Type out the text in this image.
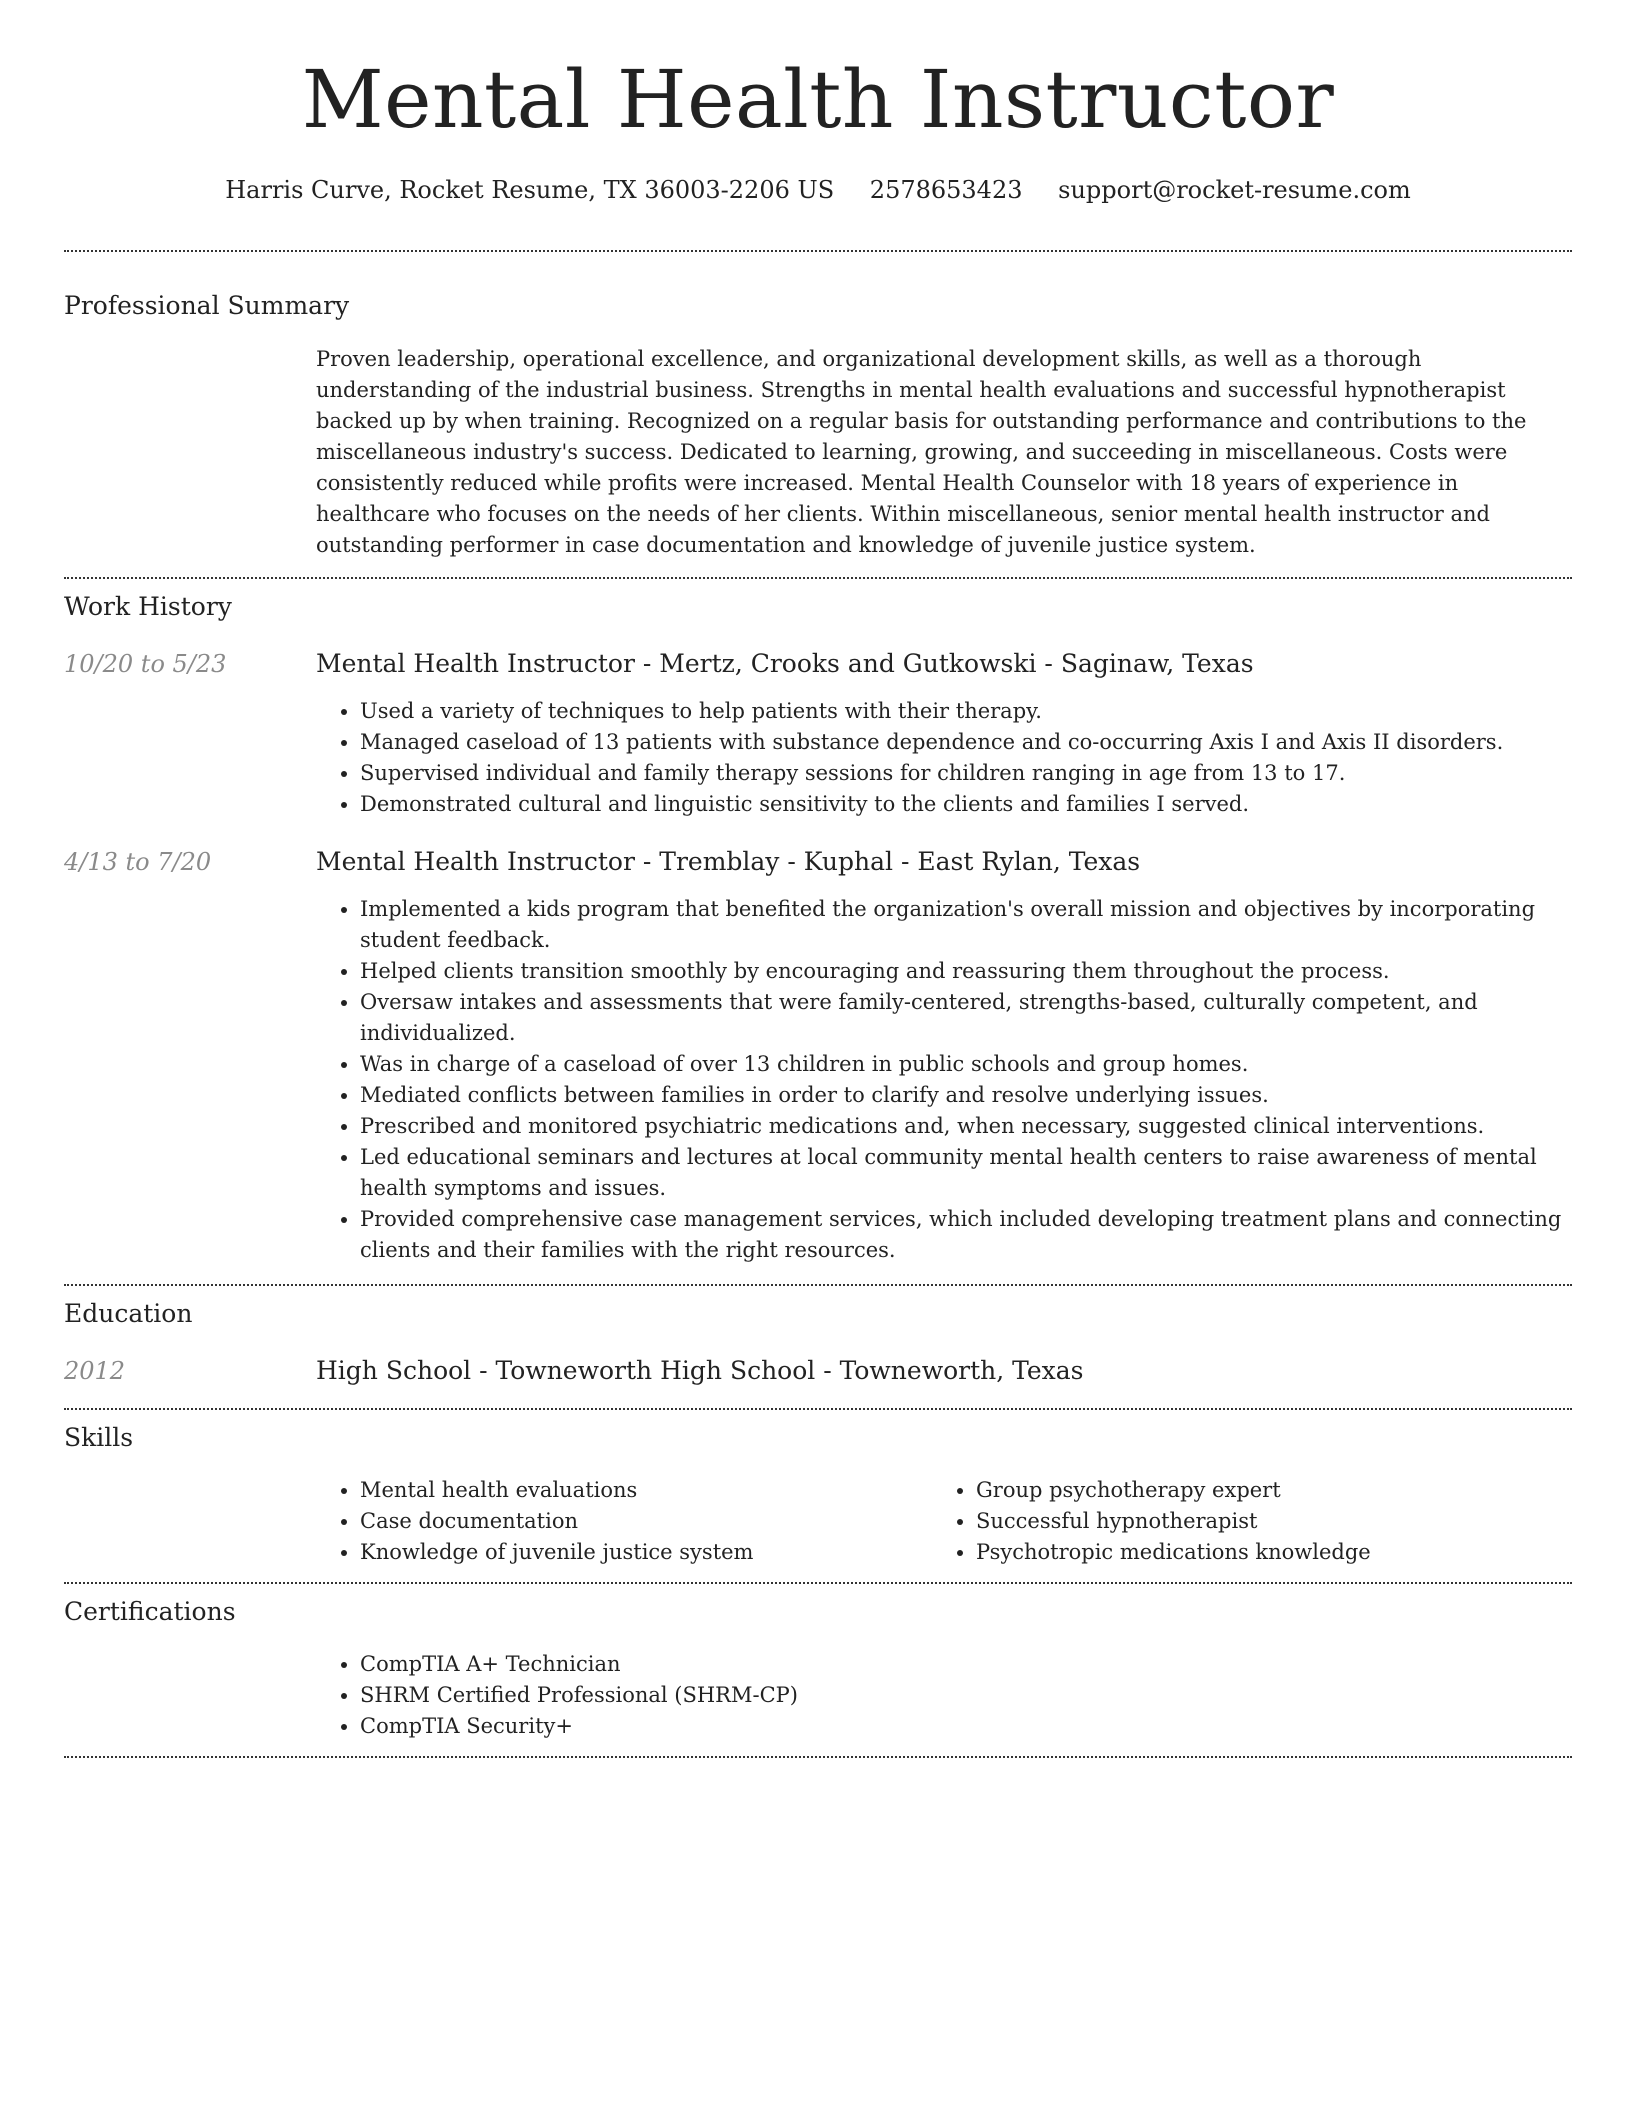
Mental Health Instructor
Harris Curve, Rocket Resume, TX 36003-2206 US 2578653423 support@rocket-resume.com
Professional Summary

Proven leadership, operational excellence, and organizational development skills, as well as a thorough understanding of the industrial business. Strengths in mental health evaluations and successful hypnotherapist backed up by when training. Recognized on a regular basis for outstanding performance and contributions to the miscellaneous industry's success. Dedicated to learning, growing, and succeeding in miscellaneous. Costs were consistently reduced while profits were increased. Mental Health Counselor with 18 years of experience in healthcare who focuses on the needs of her clients. Within miscellaneous, senior mental health instructor and outstanding performer in case documentation and knowledge of juvenile justice system.

Work History
10/20 to 5/23	Mental Health Instructor - Mertz, Crooks and Gutkowski - Saginaw, Texas
• Used a variety of techniques to help patients with their therapy.
• Managed caseload of 13 patients with substance dependence and co-occurring Axis I and Axis II disorders.
• Supervised individual and family therapy sessions for children ranging in age from 13 to 17.
• Demonstrated cultural and linguistic sensitivity to the clients and families I served.
4/13 to 7/20	Mental Health Instructor - Tremblay - Kuphal - East Rylan, Texas
• Implemented a kids program that benefited the organization's overall mission and objectives by incorporating student feedback.
• Helped clients transition smoothly by encouraging and reassuring them throughout the process.
• Oversaw intakes and assessments that were family-centered, strengths-based, culturally competent, and individualized.
• Was in charge of a caseload of over 13 children in public schools and group homes.
• Mediated conflicts between families in order to clarify and resolve underlying issues.
• Prescribed and monitored psychiatric medications and, when necessary, suggested clinical interventions.
• Led educational seminars and lectures at local community mental health centers to raise awareness of mental health symptoms and issues.
• Provided comprehensive case management services, which included developing treatment plans and connecting clients and their families with the right resources.
Education
2012	High School - Towneworth High School - Towneworth, Texas
Skills
• Mental health evaluations
• Case documentation
• Knowledge of juvenile justice system
• Group psychotherapy expert
• Successful hypnotherapist
• Psychotropic medications knowledge
Certifications
• CompTIA A+ Technician
• SHRM Certified Professional (SHRM-CP)
• CompTIA Security+
